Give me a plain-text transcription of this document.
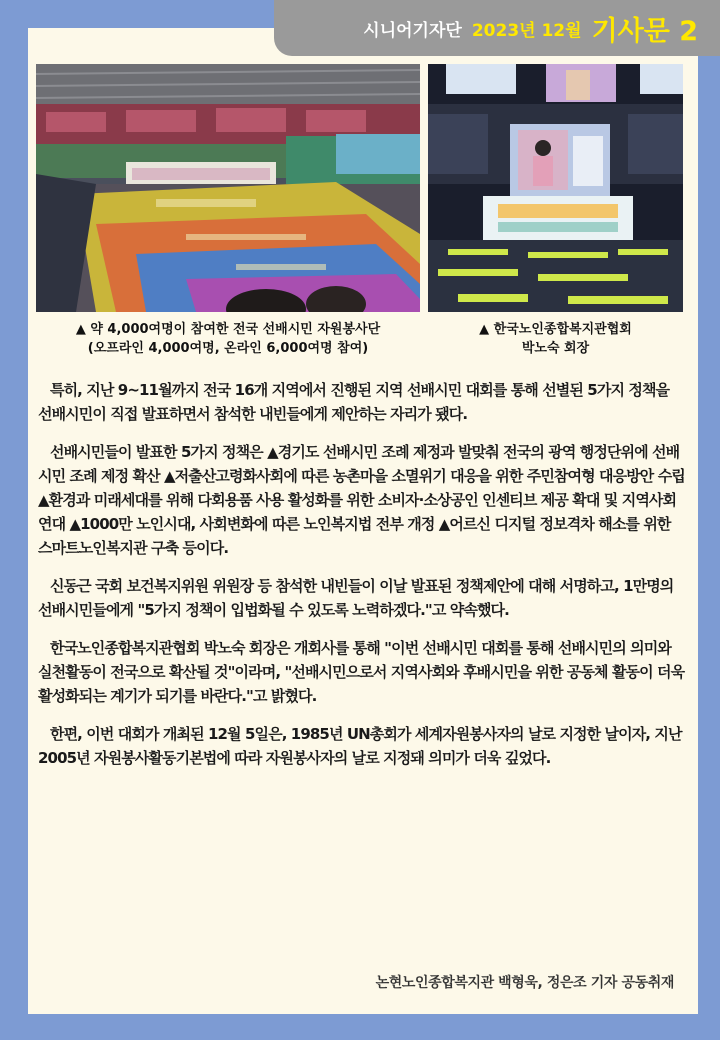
시니어기자단 2023년 12월 기사문 2
▲ 약 4,000여명이 참여한 전국 선배시민 자원봉사단
(오프라인 4,000여명, 온라인 6,000여명 참여)
▲ 한국노인종합복지관협회
박노숙 회장

특히, 지난 9~11월까지 전국 16개 지역에서 진행된 지역 선배시민 대회를 통해 선별된 5가지 정책을 선배시민이 직접 발표하면서 참석한 내빈들에게 제안하는 자리가 됐다.

선배시민들이 발표한 5가지 정책은 ▲경기도 선배시민 조례 제정과 발맞춰 전국의 광역 행정단위에 선배시민 조례 제정 확산 ▲저출산고령화사회에 따른 농촌마을 소멸위기 대응을 위한 주민참여형 대응방안 수립 ▲환경과 미래세대를 위해 다회용품 사용 활성화를 위한 소비자·소상공인 인센티브 제공 확대 및 지역사회 연대 ▲1000만 노인시대, 사회변화에 따른 노인복지법 전부 개정 ▲어르신 디지털 정보격차 해소를 위한 스마트노인복지관 구축 등이다.

신동근 국회 보건복지위원 위원장 등 참석한 내빈들이 이날 발표된 정책제안에 대해 서명하고, 1만명의 선배시민들에게 "5가지 정책이 입법화될 수 있도록 노력하겠다."고 약속했다.

한국노인종합복지관협회 박노숙 회장은 개회사를 통해 "이번 선배시민 대회를 통해 선배시민의 의미와 실천활동이 전국으로 확산될 것"이라며, "선배시민으로서 지역사회와 후배시민을 위한 공동체 활동이 더욱 활성화되는 계기가 되기를 바란다."고 밝혔다.

한편, 이번 대회가 개최된 12월 5일은, 1985년 UN총회가 세계자원봉사자의 날로 지정한 날이자, 지난 2005년 자원봉사활동기본법에 따라 자원봉사자의 날로 지정돼 의미가 더욱 깊었다.

논현노인종합복지관 백형욱, 정은조 기자 공동취재
